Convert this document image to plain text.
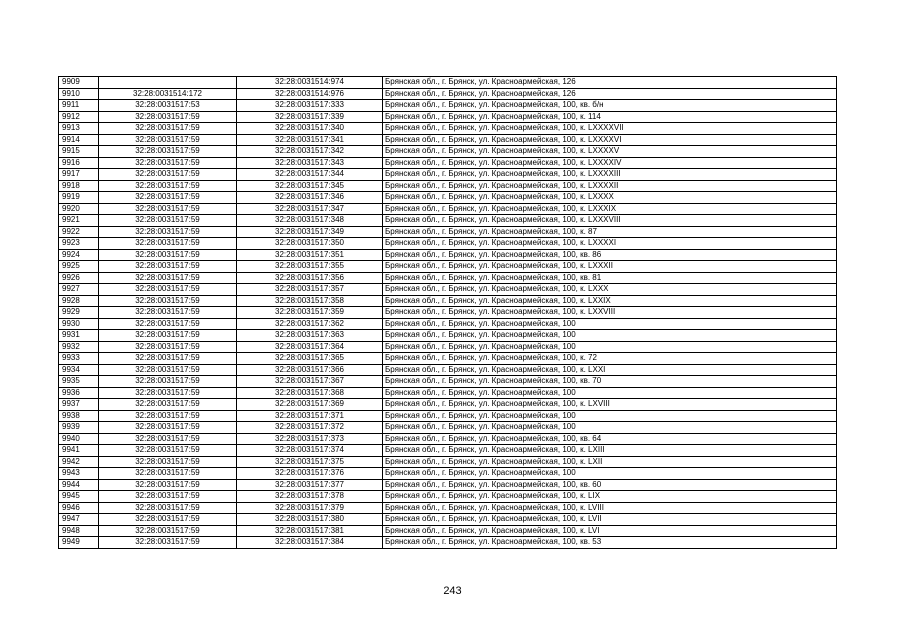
9909		32:28:0031514:974	Брянская обл., г. Брянск, ул. Красноармейская, 126
9910	32:28:0031514:172	32:28:0031514:976	Брянская обл., г. Брянск, ул. Красноармейская, 126
9911	32:28:0031517:53	32:28:0031517:333	Брянская обл., г. Брянск, ул. Красноармейская, 100, кв. б/н
9912	32:28:0031517:59	32:28:0031517:339	Брянская обл., г. Брянск, ул. Красноармейская, 100, к. 114
9913	32:28:0031517:59	32:28:0031517:340	Брянская обл., г. Брянск, ул. Красноармейская, 100, к. LXXXXVII
9914	32:28:0031517:59	32:28:0031517:341	Брянская обл., г. Брянск, ул. Красноармейская, 100, к. LXXXXVI
9915	32:28:0031517:59	32:28:0031517:342	Брянская обл., г. Брянск, ул. Красноармейская, 100, к. LXXXXV
9916	32:28:0031517:59	32:28:0031517:343	Брянская обл., г. Брянск, ул. Красноармейская, 100, к. LXXXXIV
9917	32:28:0031517:59	32:28:0031517:344	Брянская обл., г. Брянск, ул. Красноармейская, 100, к. LXXXXIII
9918	32:28:0031517:59	32:28:0031517:345	Брянская обл., г. Брянск, ул. Красноармейская, 100, к. LXXXXII
9919	32:28:0031517:59	32:28:0031517:346	Брянская обл., г. Брянск, ул. Красноармейская, 100, к. LXXXX
9920	32:28:0031517:59	32:28:0031517:347	Брянская обл., г. Брянск, ул. Красноармейская, 100, к. LXXXIX
9921	32:28:0031517:59	32:28:0031517:348	Брянская обл., г. Брянск, ул. Красноармейская, 100, к. LXXXVIII
9922	32:28:0031517:59	32:28:0031517:349	Брянская обл., г. Брянск, ул. Красноармейская, 100, к. 87
9923	32:28:0031517:59	32:28:0031517:350	Брянская обл., г. Брянск, ул. Красноармейская, 100, к. LXXXXI
9924	32:28:0031517:59	32:28:0031517:351	Брянская обл., г. Брянск, ул. Красноармейская, 100, кв. 86
9925	32:28:0031517:59	32:28:0031517:355	Брянская обл., г. Брянск, ул. Красноармейская, 100, к. LXXXII
9926	32:28:0031517:59	32:28:0031517:356	Брянская обл., г. Брянск, ул. Красноармейская, 100, кв. 81
9927	32:28:0031517:59	32:28:0031517:357	Брянская обл., г. Брянск, ул. Красноармейская, 100, к. LXXX
9928	32:28:0031517:59	32:28:0031517:358	Брянская обл., г. Брянск, ул. Красноармейская, 100, к. LXXIX
9929	32:28:0031517:59	32:28:0031517:359	Брянская обл., г. Брянск, ул. Красноармейская, 100, к. LXXVIII
9930	32:28:0031517:59	32:28:0031517:362	Брянская обл., г. Брянск, ул. Красноармейская, 100
9931	32:28:0031517:59	32:28:0031517:363	Брянская обл., г. Брянск, ул. Красноармейская, 100
9932	32:28:0031517:59	32:28:0031517:364	Брянская обл., г. Брянск, ул. Красноармейская, 100
9933	32:28:0031517:59	32:28:0031517:365	Брянская обл., г. Брянск, ул. Красноармейская, 100, к. 72
9934	32:28:0031517:59	32:28:0031517:366	Брянская обл., г. Брянск, ул. Красноармейская, 100, к. LXXI
9935	32:28:0031517:59	32:28:0031517:367	Брянская обл., г. Брянск, ул. Красноармейская, 100, кв. 70
9936	32:28:0031517:59	32:28:0031517:368	Брянская обл., г. Брянск, ул. Красноармейская, 100
9937	32:28:0031517:59	32:28:0031517:369	Брянская обл., г. Брянск, ул. Красноармейская, 100, к. LXVIII
9938	32:28:0031517:59	32:28:0031517:371	Брянская обл., г. Брянск, ул. Красноармейская, 100
9939	32:28:0031517:59	32:28:0031517:372	Брянская обл., г. Брянск, ул. Красноармейская, 100
9940	32:28:0031517:59	32:28:0031517:373	Брянская обл., г. Брянск, ул. Красноармейская, 100, кв. 64
9941	32:28:0031517:59	32:28:0031517:374	Брянская обл., г. Брянск, ул. Красноармейская, 100, к. LXIII
9942	32:28:0031517:59	32:28:0031517:375	Брянская обл., г. Брянск, ул. Красноармейская, 100, к. LXII
9943	32:28:0031517:59	32:28:0031517:376	Брянская обл., г. Брянск, ул. Красноармейская, 100
9944	32:28:0031517:59	32:28:0031517:377	Брянская обл., г. Брянск, ул. Красноармейская, 100, кв. 60
9945	32:28:0031517:59	32:28:0031517:378	Брянская обл., г. Брянск, ул. Красноармейская, 100, к. LIX
9946	32:28:0031517:59	32:28:0031517:379	Брянская обл., г. Брянск, ул. Красноармейская, 100, к. LVIII
9947	32:28:0031517:59	32:28:0031517:380	Брянская обл., г. Брянск, ул. Красноармейская, 100, к. LVII
9948	32:28:0031517:59	32:28:0031517:381	Брянская обл., г. Брянск, ул. Красноармейская, 100, к. LVI
9949	32:28:0031517:59	32:28:0031517:384	Брянская обл., г. Брянск, ул. Красноармейская, 100, кв. 53
243
